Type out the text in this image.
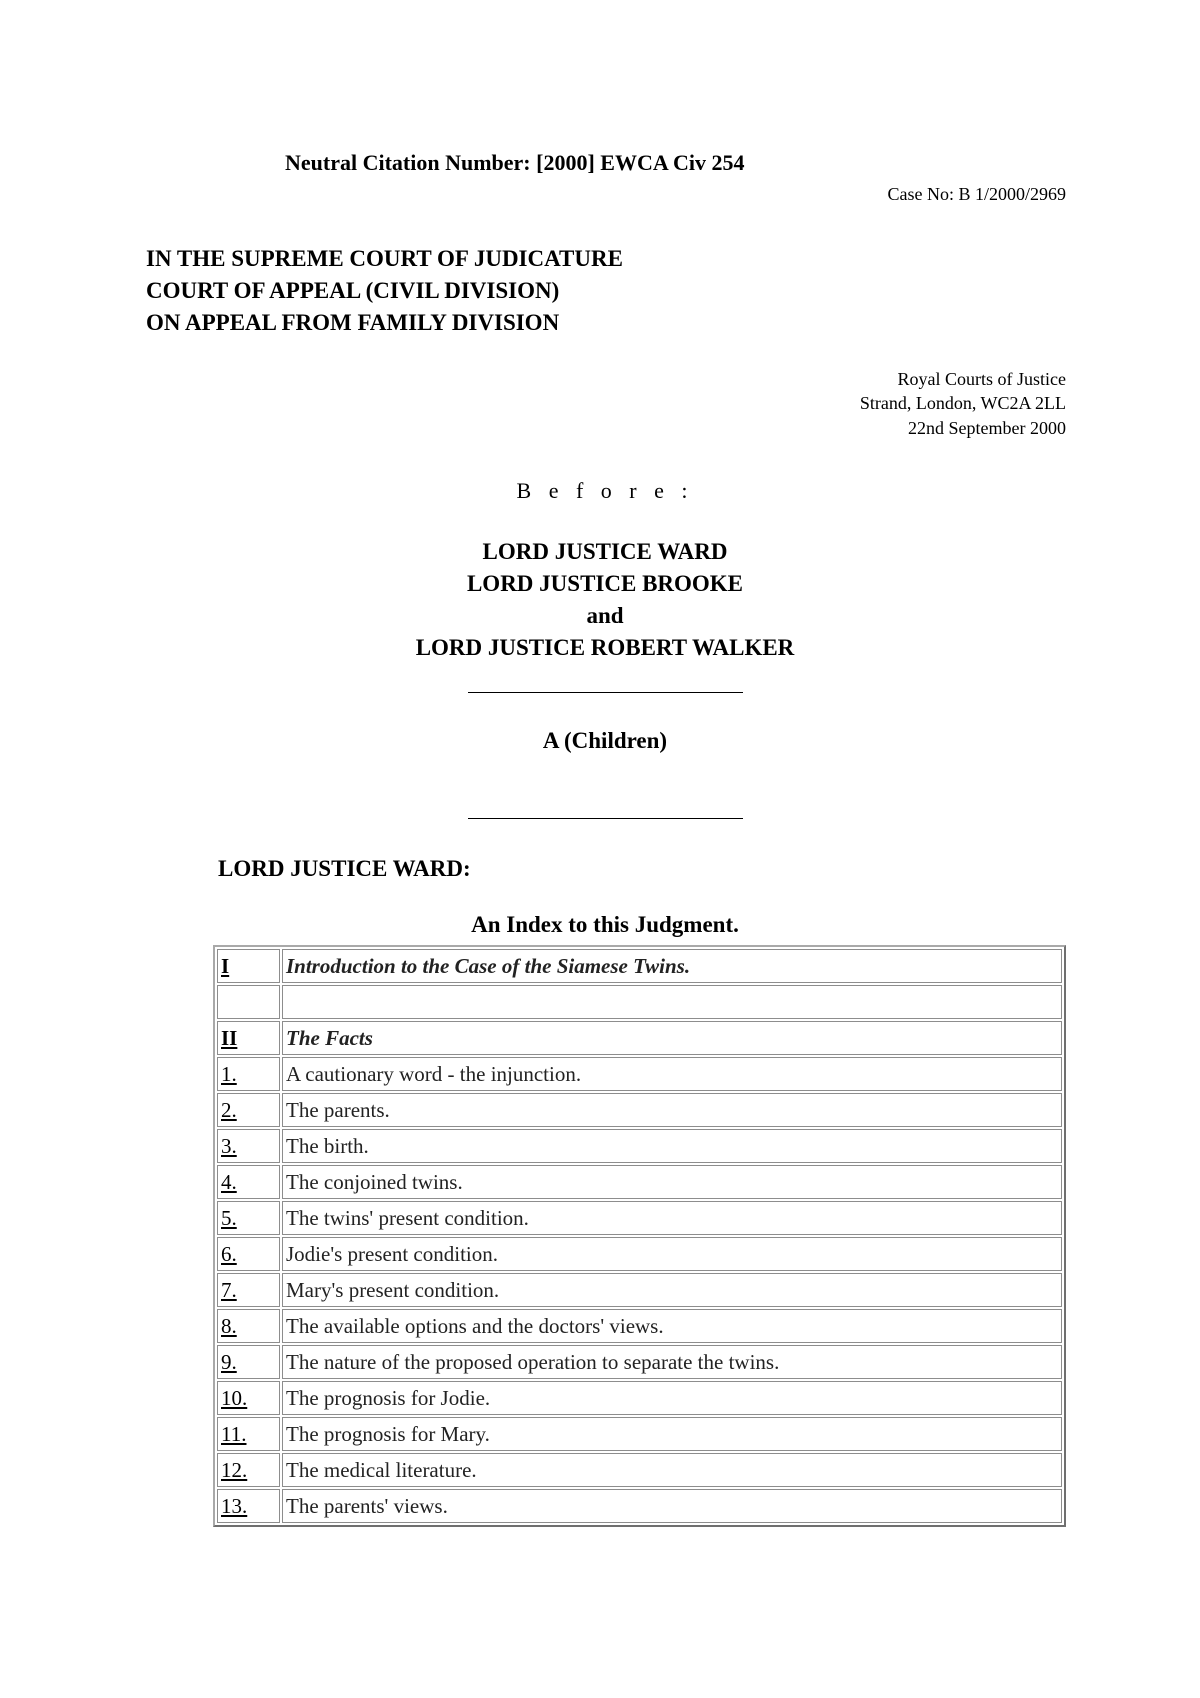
Neutral Citation Number: [2000] EWCA Civ 254
Case No: B 1/2000/2969
IN THE SUPREME COURT OF JUDICATURE
COURT OF APPEAL (CIVIL DIVISION)
ON APPEAL FROM FAMILY DIVISION
Royal Courts of Justice
Strand, London, WC2A 2LL
22nd September 2000
B e f o r e :
LORD JUSTICE WARD
LORD JUSTICE BROOKE
and
LORD JUSTICE ROBERT WALKER
A (Children)
LORD JUSTICE WARD:
An Index to this Judgment.
I	Introduction to the Case of the Siamese Twins.

II	The Facts
1.	A cautionary word - the injunction.
2.	The parents.
3.	The birth.
4.	The conjoined twins.
5.	The twins' present condition.
6.	Jodie's present condition.
7.	Mary's present condition.
8.	The available options and the doctors' views.
9.	The nature of the proposed operation to separate the twins.
10.	The prognosis for Jodie.
11.	The prognosis for Mary.
12.	The medical literature.
13.	The parents' views.
